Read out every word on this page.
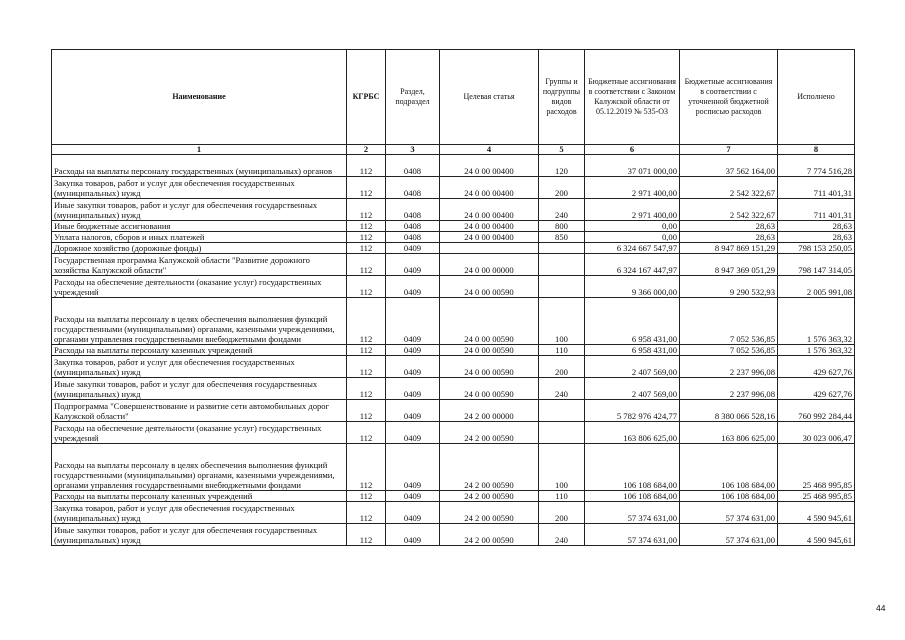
Наименование	КГРБС	Раздел, подраздел	Целевая статья	Группы и подгруппы видов расходов	Бюджетные ассигнования в соответствии с Законом Калужской области от 05.12.2019 № 535-ОЗ	Бюджетные ассигнования в соответствии с уточненной бюджетной росписью расходов	Исполнено
1	2	3	4	5	6	7	8
Расходы на выплаты персоналу государственных (муниципальных) органов	112	0408	24 0 00 00400	120	37 071 000,00	37 562 164,00	7 774 516,28
Закупка товаров, работ и услуг для обеспечения государственных (муниципальных) нужд	112	0408	24 0 00 00400	200	2 971 400,00	2 542 322,67	711 401,31
Иные закупки товаров, работ и услуг для обеспечения государственных (муниципальных) нужд	112	0408	24 0 00 00400	240	2 971 400,00	2 542 322,67	711 401,31
Иные бюджетные ассигнования	112	0408	24 0 00 00400	800	0,00	28,63	28,63
Уплата налогов, сборов и иных платежей	112	0408	24 0 00 00400	850	0,00	28,63	28,63
Дорожное хозяйство (дорожные фонды)	112	0409			6 324 667 547,97	8 947 869 151,29	798 153 250,05
Государственная программа Калужской области "Развитие дорожного хозяйства Калужской области"	112	0409	24 0 00 00000		6 324 167 447,97	8 947 369 051,29	798 147 314,05
Расходы на обеспечение деятельности (оказание услуг) государственных учреждений	112	0409	24 0 00 00590		9 366 000,00	9 290 532,93	2 005 991,08
Расходы на выплаты персоналу в целях обеспечения выполнения функций государственными (муниципальными) органами, казенными учреждениями, органами управления государственными внебюджетными фондами	112	0409	24 0 00 00590	100	6 958 431,00	7 052 536,85	1 576 363,32
Расходы на выплаты персоналу казенных учреждений	112	0409	24 0 00 00590	110	6 958 431,00	7 052 536,85	1 576 363,32
Закупка товаров, работ и услуг для обеспечения государственных (муниципальных) нужд	112	0409	24 0 00 00590	200	2 407 569,00	2 237 996,08	429 627,76
Иные закупки товаров, работ и услуг для обеспечения государственных (муниципальных) нужд	112	0409	24 0 00 00590	240	2 407 569,00	2 237 996,08	429 627,76
Подпрограмма "Совершенствование и развитие сети автомобильных дорог Калужской области"	112	0409	24 2 00 00000		5 782 976 424,77	8 380 066 528,16	760 992 284,44
Расходы на обеспечение деятельности (оказание услуг) государственных учреждений	112	0409	24 2 00 00590		163 806 625,00	163 806 625,00	30 023 006,47
Расходы на выплаты персоналу в целях обеспечения выполнения функций государственными (муниципальными) органами, казенными учреждениями, органами управления государственными внебюджетными фондами	112	0409	24 2 00 00590	100	106 108 684,00	106 108 684,00	25 468 995,85
Расходы на выплаты персоналу казенных учреждений	112	0409	24 2 00 00590	110	106 108 684,00	106 108 684,00	25 468 995,85
Закупка товаров, работ и услуг для обеспечения государственных (муниципальных) нужд	112	0409	24 2 00 00590	200	57 374 631,00	57 374 631,00	4 590 945,61
Иные закупки товаров, работ и услуг для обеспечения государственных (муниципальных) нужд	112	0409	24 2 00 00590	240	57 374 631,00	57 374 631,00	4 590 945,61
44
